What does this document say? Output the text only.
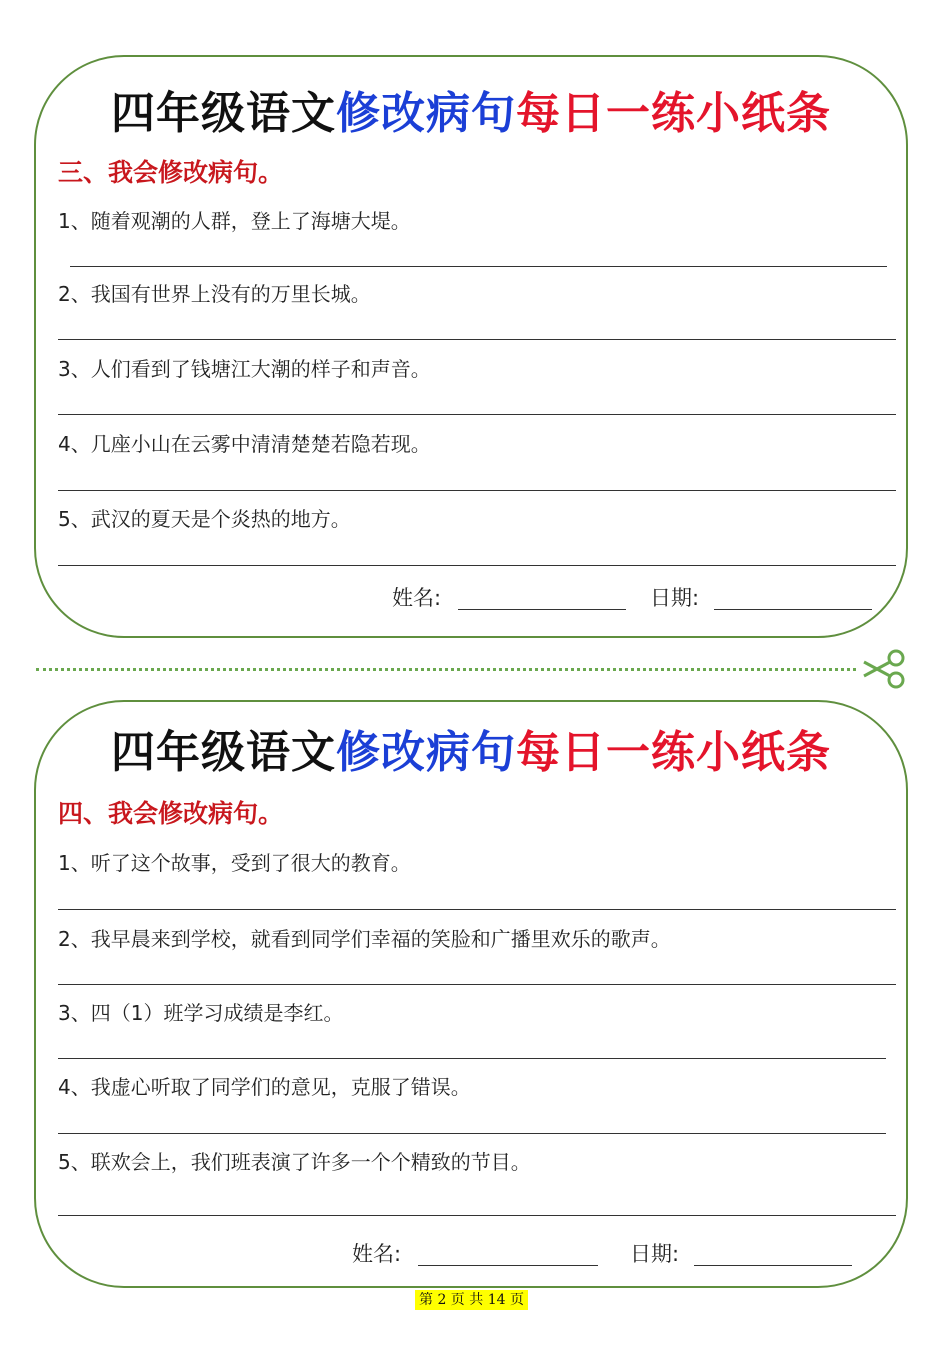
四年级语文修改病句每日一练小纸条
三、我会修改病句。
1、随着观潮的人群，登上了海塘大堤。
2、我国有世界上没有的万里长城。
3、人们看到了钱塘江大潮的样子和声音。
4、几座小山在云雾中清清楚楚若隐若现。
5、武汉的夏天是个炎热的地方。
姓名:	日期:
四年级语文修改病句每日一练小纸条
四、我会修改病句。
1、听了这个故事，受到了很大的教育。
2、我早晨来到学校，就看到同学们幸福的笑脸和广播里欢乐的歌声。
3、四（1）班学习成绩是李红。
4、我虚心听取了同学们的意见，克服了错误。
5、联欢会上，我们班表演了许多一个个精致的节目。
姓名:	日期:
第 2 页 共 14 页
